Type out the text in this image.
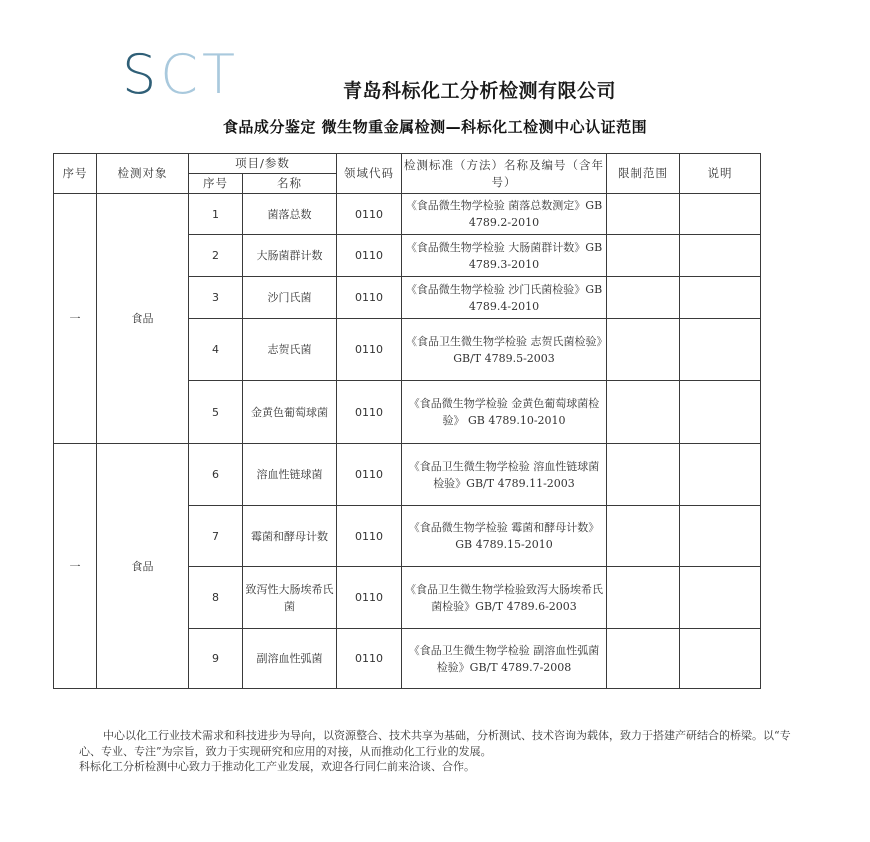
SCT	青岛科标化工分析检测有限公司
食品成分鉴定 微生物重金属检测—科标化工检测中心认证范围
序号	检测对象	项目/参数		领域代码	检测标准（方法）名称及编号（含年号）	限制范围	说明
		序号	名称				
一	食品	1	菌落总数	0110	《食品微生物学检验 菌落总数测定》GB 4789.2-2010		
		2	大肠菌群计数	0110	《食品微生物学检验 大肠菌群计数》GB 4789.3-2010		
		3	沙门氏菌	0110	《食品微生物学检验 沙门氏菌检验》GB 4789.4-2010		
		4	志贺氏菌	0110	《食品卫生微生物学检验 志贺氏菌检验》GB/T 4789.5-2003		
		5	金黄色葡萄球菌	0110	《食品微生物学检验 金黄色葡萄球菌检验》 GB 4789.10-2010		
一	食品	6	溶血性链球菌	0110	《食品卫生微生物学检验 溶血性链球菌检验》GB/T 4789.11-2003		
		7	霉菌和酵母计数	0110	《食品微生物学检验 霉菌和酵母计数》 GB 4789.15-2010		
		8	致泻性大肠埃希氏菌	0110	《食品卫生微生物学检验致泻大肠埃希氏菌检验》GB/T 4789.6-2003		
		9	副溶血性弧菌	0110	《食品卫生微生物学检验 副溶血性弧菌检验》GB/T 4789.7-2008		

中心以化工行业技术需求和科技进步为导向，以资源整合、技术共享为基础，分析测试、技术咨询为载体，致力于搭建产研结合的桥梁。以“专心、专业、专注”为宗旨，致力于实现研究和应用的对接，从而推动化工行业的发展。

科标化工分析检测中心致力于推动化工产业发展，欢迎各行同仁前来洽谈、合作。
